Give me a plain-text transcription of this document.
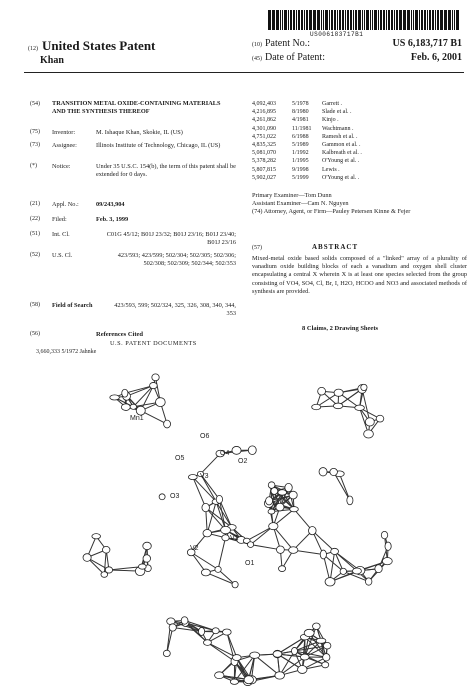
US006183717B1
(12) United States Patent
Khan
(10) Patent No.:	US 6,183,717 B1
(45) Date of Patent:	Feb. 6, 2001
(54) TRANSITION METAL OXIDE-CONTAINING MATERIALS AND THE SYNTHESIS THEREOF
(75) Inventor:	M. Ishaque Khan, Skokie, IL (US)
(73) Assignee:	Illinois Institute of Technology, Chicago, IL (US)
(*) Notice:	Under 35 U.S.C. 154(b), the term of this patent shall be extended for 0 days.
(21) Appl. No.:	09/243,904
(22) Filed:	Feb. 3, 1999
(51) Int. Cl.	C01G 45/12; B01J 23/32; B01J 23/16; B01J 23/40; B01J 23/16
(52) U.S. Cl.	423/593; 423/599; 502/304; 502/305; 502/306; 502/308; 502/309; 502/344; 502/353
(58) Field of Search	423/593, 599; 502/324, 325, 326, 308, 340, 344, 353
(56)	References Cited
U.S. PATENT DOCUMENTS
3,660,333 5/1972 Jahnke
4,092,403	5/1978	Garrett .
4,216,895	8/1980	Slade et al. .
4,261,862	4/1981	Kinjo .
4,301,090	11/1981	Wachtmann .
4,751,022	6/1988	Ramesh et al. .
4,835,325	5/1989	Gammon et al. .
5,081,070	1/1992	Kalbreath et al. .
5,378,282	1/1995	O'Young et al. .
5,807,815	9/1998	Lewis .
5,902,027	5/1999	O'Young et al. .
Primary Examiner—Tom Dunn
Assistant Examiner—Cam N. Nguyen
(74) Attorney, Agent, or Firm—Pauley Petersen Kinne & Fejer
(57)	ABSTRACT
Mixed-metal oxide based solids composed of a "linked" array of a plurality of vanadium oxide building blocks of each a vanadium and oxygen shell cluster encapsulating a central X wherein X is at least one species selected from the group consisting of VO4, SO4, Cl, Br, I, H2O, HCOO and NO3 and associated methods of synthesis are provided.
8 Claims, 2 Drawing Sheets
Mn1
O6
O4
O5
V3
O2
O3
V1
V2
O1
